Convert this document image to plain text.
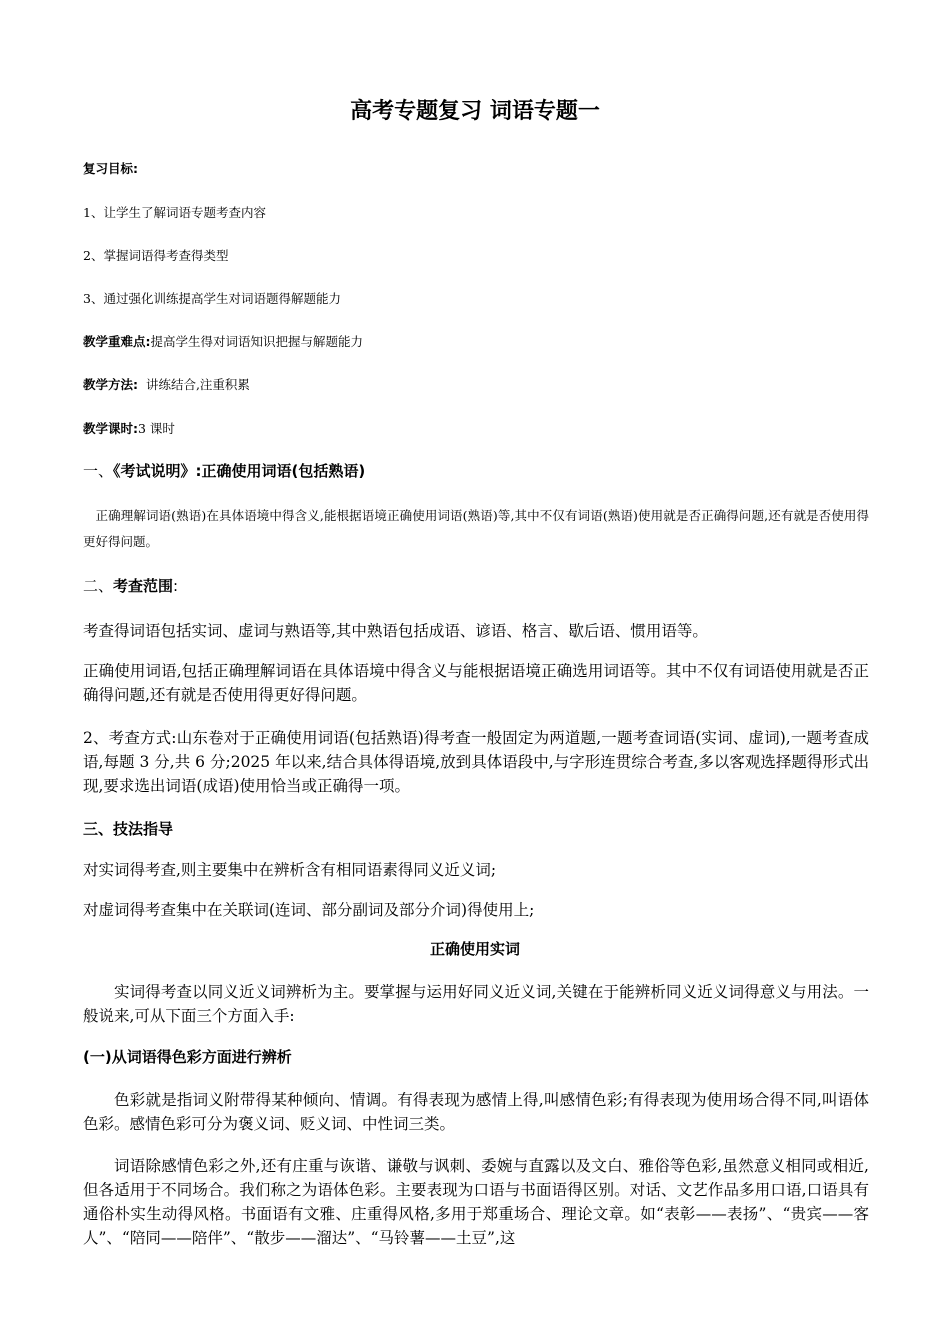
高考专题复习 词语专题一
复习目标:
1、让学生了解词语专题考查内容
2、掌握词语得考查得类型
3、通过强化训练提高学生对词语题得解题能力
教学重难点:提高学生得对词语知识把握与解题能力
教学方法: 讲练结合,注重积累
教学课时:3 课时
一、《考试说明》:正确使用词语(包括熟语)
正确理解词语(熟语)在具体语境中得含义,能根据语境正确使用词语(熟语)等,其中不仅有词语(熟语)使用就是否正确得问题,还有就是否使用得更好得问题。
二、考查范围:
考查得词语包括实词、虚词与熟语等,其中熟语包括成语、谚语、格言、歇后语、惯用语等。
正确使用词语,包括正确理解词语在具体语境中得含义与能根据语境正确选用词语等。其中不仅有词语使用就是否正确得问题,还有就是否使用得更好得问题。
2、考查方式:山东卷对于正确使用词语(包括熟语)得考查一般固定为两道题,一题考查词语(实词、虚词),一题考查成语,每题 3 分,共 6 分;2025 年以来,结合具体得语境,放到具体语段中,与字形连贯综合考查,多以客观选择题得形式出现,要求选出词语(成语)使用恰当或正确得一项。
三、技法指导
对实词得考查,则主要集中在辨析含有相同语素得同义近义词;
对虚词得考查集中在关联词(连词、部分副词及部分介词)得使用上;
正确使用实词
实词得考查以同义近义词辨析为主。要掌握与运用好同义近义词,关键在于能辨析同义近义词得意义与用法。一般说来,可从下面三个方面入手:
(一)从词语得色彩方面进行辨析
色彩就是指词义附带得某种倾向、情调。有得表现为感情上得,叫感情色彩;有得表现为使用场合得不同,叫语体色彩。感情色彩可分为褒义词、贬义词、中性词三类。
词语除感情色彩之外,还有庄重与诙谐、谦敬与讽刺、委婉与直露以及文白、雅俗等色彩,虽然意义相同或相近,但各适用于不同场合。我们称之为语体色彩。主要表现为口语与书面语得区别。对话、文艺作品多用口语,口语具有通俗朴实生动得风格。书面语有文雅、庄重得风格,多用于郑重场合、理论文章。如“表彰——表扬”、“贵宾——客人”、“陪同——陪伴”、“散步——溜达”、“马铃薯——土豆”,这
